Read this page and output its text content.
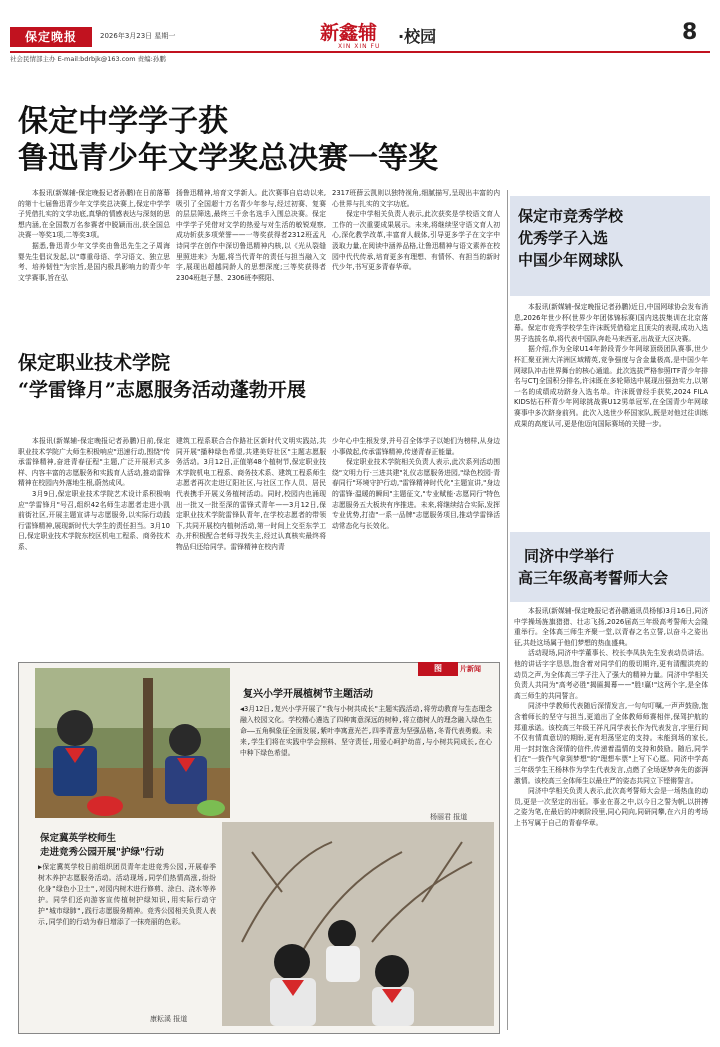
保定晚报	2026年3月23日 星期一	新鑫辅
XIN XIN FU
·校园	8
社会民情部主办 E-mail:bdrbjk@163.com 责编:孙鹏
保定中学学子获
鲁迅青少年文学奖总决赛一等奖

本报讯(新媒辅-保定晚报记者孙鹏)在日前落幕的第十七届鲁迅青少年文学奖总决赛上,保定中学学子凭借扎实的文学功底,真挚的情感表达与深刻的思想内涵,在全国数万名参赛者中脱颖而出,获全国总决赛一等奖1项,二等奖3项。

据悉,鲁迅青少年文学奖由鲁迅先生之子周海婴先生倡议发起,以"尊重母语、学习语文、独立思考、培养韧性"为宗旨,是国内极具影响力的青少年文学赛事,旨在弘

扬鲁迅精神,培育文学新人。此次赛事自启动以来,吸引了全国超十万名青少年参与,经过初赛、复赛的层层筛选,最终三千余名选手入围总决赛。保定中学学子凭借对文学的热爱与对生活的敏锐观察,成功斩获多项荣誉——一等奖获得者2312班孟凡诗同学在创作中深切鲁迅精神内核,以《光从裂缝里照进来》为题,将当代青年的责任与担当融入文字,展现出超越同龄人的思想深度;三等奖获得者2304班赵子慧、2306班李熙阳、

2317班薛云凯则以独特视角,细腻描写,呈现出丰富的内心世界与扎实的文字功底。

保定中学相关负责人表示,此次获奖是学校语文育人工作的一次重要成果展示。未来,将继续坚守语文育人初心,深化教学改革,丰富育人载体,引导更多学子在文字中汲取力量,在阅读中涵养品格,让鲁迅精神与语文素养在校园中代代传承,培育更多有理想、有情怀、有担当的新时代少年,书写更多青春华章。

保定职业技术学院
“学雷锋月”志愿服务活动蓬勃开展

本报讯(新媒辅-保定晚报记者孙鹏)日前,保定职业技术学院广大师生积极响应"迅速行动,围绕"传承雷锋精神,奋进青春征程"主题,广泛开展形式多样、内容丰富的志愿服务和实践育人活动,推动雷锋精神在校园内外落地生根,蔚然成风。

3月9日,保定职业技术学院艺术设计系积极响应"学雷锋月"号召,组织42名师生志愿者走进小凯前街社区,开展主题宣讲与志愿服务,以实际行动践行雷锋精神,展现新时代大学生的责任担当。3月10日,保定职业技术学院东校区机电工程系、商务技术系、

建筑工程系联合合作路社区新时代文明实践站,共同开展"播种绿色希望,共建美好社区"主题志愿服务活动。3月12日,正值第48个植树节,保定职业技术学院机电工程系、商务技术系、建筑工程系师生志愿者再次走进辽阳社区,与社区工作人员、居民代表携手开展义务植树活动。同时,校园内也涌现出一批又一批至深的雷锋式青年——3月12日,保定职业技术学院雷锋队青年,在学校志愿者的带领下,共同开展校内植树活动,第一时间上交至东学工办,并积极配合老师寻找失主,经过认真核实最终将物品归还给同学。雷锋精神在校内青

少年心中生根发芽,并号召全体学子以她们为榜样,从身边小事做起,传承雷锋精神,传递青春正能量。

保定职业技术学院相关负责人表示,此次系列活动围绕"文明力行·三进共建"礼仪志愿服务进园,"绿色校园·青春同行"环境守护行动,"雷锋精神时代化"主题宣讲,"身边的雷锋·温暖的瞬间"主题征文,"专业赋能·志愿同行"特色志愿服务五大板块有序推进。未来,将继续结合实际,发挥专业优势,打造"一系一品牌"志愿服务项目,推动学雷锋活动常态化与长效化。

保定市竞秀学校
优秀学子入选
中国少年网球队

本报讯(新媒辅-保定晚报记者孙鹏)近日,中国网球协会发布消息,2026年世少杯(世界少年团体锦标赛)国内选拔集训在北京落幕。保定市竞秀学校学生许沫既凭借稳定且顶尖的表现,成功入选男子选拔名单,将代表中国队奔赴马来西亚,出战亚大区决赛。

据介绍,作为全球U14年龄段青少年网球顶级团队赛事,世少杯汇聚亚洲大洋洲区域精英,竞争强度与含金量极高,是中国少年网球队冲击世界舞台的核心通道。此次选拔严格参照ITF青少年排名与CTJ全国积分排名,许沫既在多轮筛选中展现出强劲实力,以第一名的成绩成功跻身入选名单。许沫既曾经手获奖,2024 FILA KIDS钻石杯青少年网球挑战赛U12男单冠军,在全国青少年网球赛事中多次跻身前列。此次入选世少杯国家队,既是对他过往训练成果的高度认可,更是他迈向国际赛场的关键一步。

同济中学举行
高三年级高考誓师大会

本报讯(新媒辅-保定晚报记者孙鹏通讯员杨郁)3月16日,同济中学操场旌旗猎猎、壮志飞扬,2026届高三年级高考誓师大会隆重举行。全体高三师生齐聚一堂,以青春之名立誓,以奋斗之姿出征,共赴这场属于他们梦想的热血盛典。

活动现场,同济中学董事长、校长李凤执先生发表动员讲话。他的讲话字字恳恳,饱含着对同学们的殷切期许,更有清醒洪亮的动员之声,为全体高三学子注入了强大的精神力量。同济中学相关负责人共同为"高考必胜"揭匾揭幕——"胜!赢!"这两个字,是全体高三师生的共同誓言。

同济中学教师代表随后深情发言,一句句叮嘱,一声声鼓励,饱含着师长的坚守与担当,更道出了全体教师师赛相伴,保驾护航的郑重承诺。该校高三年级王祥凡同学表长作为代表发言,字里行间不仅有情真意切的期盼,更有坦荡坚定的支持。未能到场的家长,用一封封饱含深情的信件,传递着温情的支持和鼓励。随后,同学们在"一鼓作气拿到梦想"的"理想车票"上写下心愿。同济中学高三年级学生王杨林作为学生代表发言,点燃了全场逐梦奔先的澎湃激情。该校高三全体师生以最庄严的姿态共同立下铿锵誓言。

同济中学相关负责人表示,此次高考誓师大会是一场热血的动员,更是一次坚定的出征。事业在喜之中,以今日之誓为帆,以拼搏之姿为笔,在最后的冲刺阶段里,同心同向,同研同攀,在六月的考场上书写属于自己的青春华章。

图	片新闻
复兴小学开展植树节主题活动
◀3月12日,复兴小学开展了"我与小树共成长"主题实践活动,将劳动教育与生态理念融入校园文化。学校精心遴选了四种寓意深远的树种,将立德树人的理念融入绿色生命——五角枫象征全面发展,紫叶李寓意光芒,四季青意为坚强品格,冬青代表勇毅。未来,学生们将在实践中学会照料、坚守责任,用爱心呵护幼苗,与小树共同成长,在心中种下绿色希望。
杨丽君 报道
保定冀英学校师生
走进竞秀公园开展"护绿"行动
▶保定冀英学校日前组织团员青年走进竞秀公园,开展春季树木养护志愿服务活动。活动现场,同学们热情高涨,纷纷化身"绿色小卫士",对园内树木进行修剪、涂白、浇水等养护。同学们还向游客宣传植树护绿知识,用实际行动守护"城市绿肺",践行志愿服务精神。竞秀公园相关负责人表示,同学们的行动为春日增添了一抹亮丽的色彩。
康耘溪 报道
